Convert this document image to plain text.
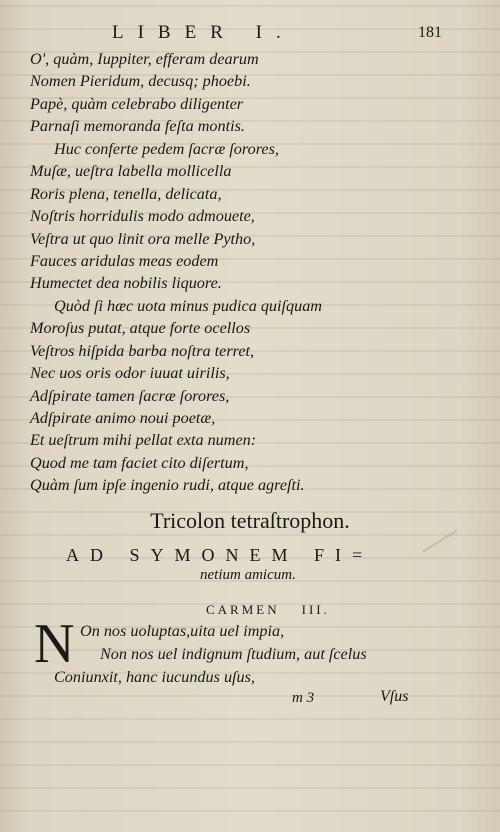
LIBER I.	181
O', quàm, Iuppiter, efferam dearum
Nomen Pieridum, decusq; phoebi.
Papè, quàm celebrabo diligenter
Parnaſi memoranda feſta montis.
Huc conferte pedem ſacræ ſorores,
Muſæ, ueſtra labella mollicella
Roris plena, tenella, delicata,
Noſtris horridulis modo admouete,
Veſtra ut quo linit ora melle Pytho,
Fauces aridulas meas eodem
Humectet dea nobilis liquore.
Quòd ſi hæc uota minus pudica quiſquam
Moroſus putat, atque forte ocellos
Veſtros hiſpida barba noſtra terret,
Nec uos oris odor iuuat uirilis,
Adſpirate tamen ſacræ ſorores,
Adſpirate animo noui poetæ,
Et ueſtrum mihi pellat exta numen:
Quod me tam faciet cito diſertum,
Quàm ſum ipſe ingenio rudi, atque agreſti.
Tricolon tetraſtrophon.
AD SYMONEM FI=
netium amicum.
CARMEN III.
N On nos uoluptas,uita uel impia,
Non nos uel indignum ſtudium, aut ſcelus
Coniunxit, hanc iucundus uſus,
m 3	Vſus
